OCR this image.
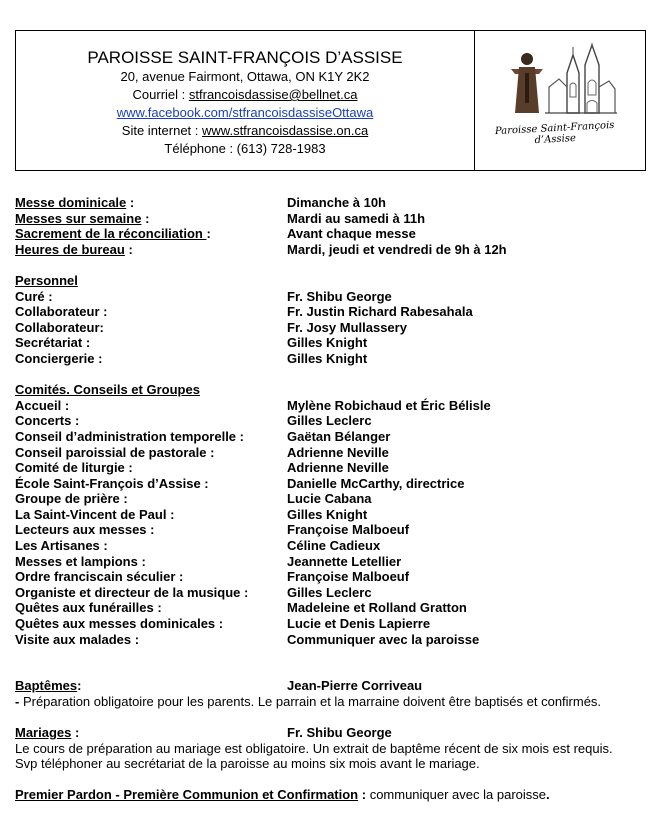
PAROISSE SAINT-FRANÇOIS D’ASSISE
20, avenue Fairmont, Ottawa, ON K1Y 2K2
Courriel : stfrancoisdassise@bellnet.ca
www.facebook.com/stfrancoisdassiseOttawa
Site internet : www.stfrancoisdassise.on.ca
Téléphone : (613) 728-1983
Paroisse Saint-François d’Assise
Messe dominicale :	Dimanche à 10h
Messes sur semaine :	Mardi au samedi à 11h
Sacrement de la réconciliation :	Avant chaque messe
Heures de bureau :	Mardi, jeudi et vendredi de 9h à 12h
Personnel
Curé :	Fr. Shibu George
Collaborateur :	Fr. Justin Richard Rabesahala
Collaborateur:	Fr. Josy Mullassery
Secrétariat :	Gilles Knight
Conciergerie :	Gilles Knight
Comités. Conseils et Groupes
Accueil :	Mylène Robichaud et Éric Bélisle
Concerts :	Gilles Leclerc
Conseil d’administration temporelle :	Gaëtan Bélanger
Conseil paroissial de pastorale :	Adrienne Neville
Comité de liturgie :	Adrienne Neville
École Saint-François d’Assise :	Danielle McCarthy, directrice
Groupe de prière :	Lucie Cabana
La Saint-Vincent de Paul :	Gilles Knight
Lecteurs aux messes :	Françoise Malboeuf
Les Artisanes :	Céline Cadieux
Messes et lampions :	Jeannette Letellier
Ordre franciscain séculier :	Françoise Malboeuf
Organiste et directeur de la musique :	Gilles Leclerc
Quêtes aux funérailles :	Madeleine et Rolland Gratton
Quêtes aux messes dominicales :	Lucie et Denis Lapierre
Visite aux malades :	Communiquer avec la paroisse
Baptêmes:	Jean-Pierre Corriveau
- Préparation obligatoire pour les parents. Le parrain et la marraine doivent être baptisés et confirmés.
Mariages :	Fr. Shibu George
Le cours de préparation au mariage est obligatoire. Un extrait de baptême récent de six mois est requis.
Svp téléphoner au secrétariat de la paroisse au moins six mois avant le mariage.
Premier Pardon - Première Communion et Confirmation : communiquer avec la paroisse.
